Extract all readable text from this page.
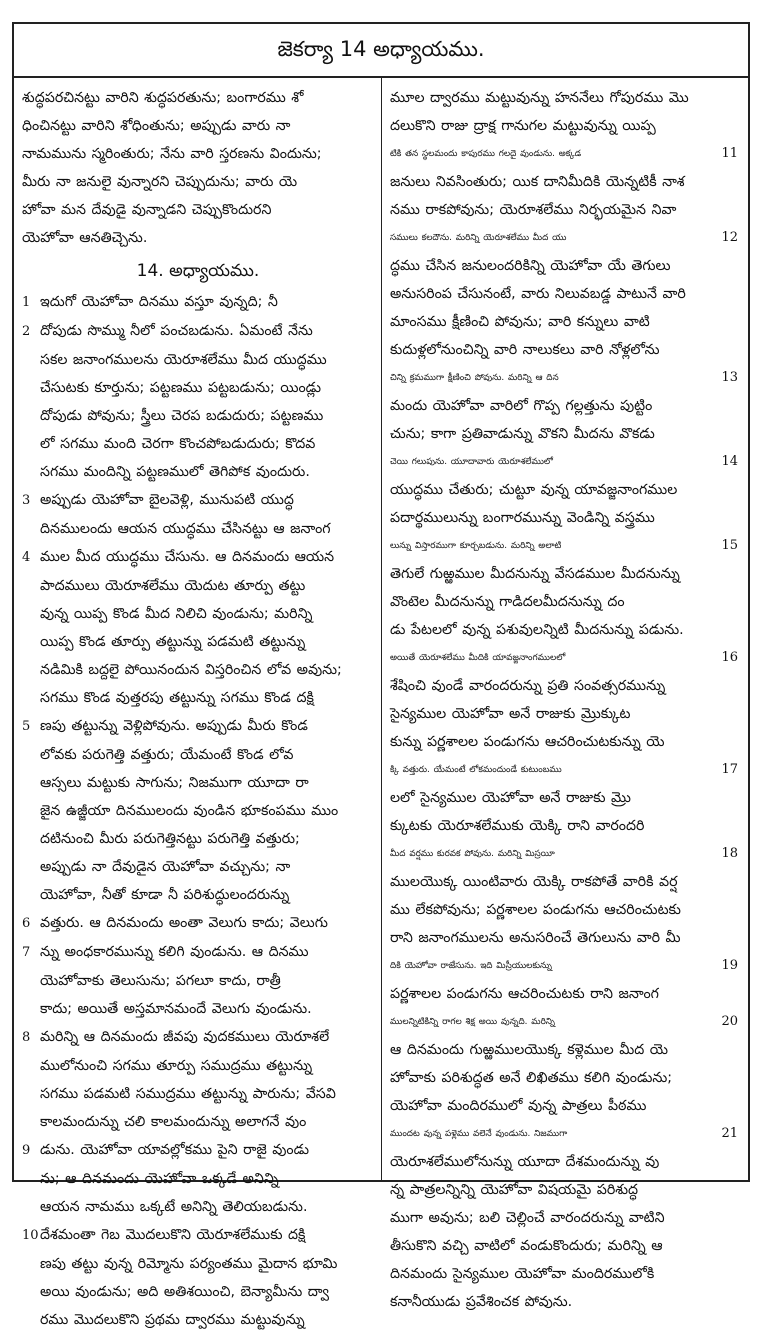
జెకర్యా 14 అధ్యాయము.

శుద్ధపరచినట్టు వారిని శుద్ధపరతును; బంగారము శో

ధించినట్టు వారిని శోధింతును; అప్పుడు వారు నా

నామమును స్మరింతురు; నేను వారి స్తరణను విందును;

మీరు నా జనులై వున్నారని చెప్పుదును; వారు యె

హోవా మన దేవుడై వున్నాడని చెప్పుకొందురని

యెహోవా ఆనతిచ్చెను.

14. అధ్యాయము.

1 ఇదుగో యెహోవా దినము వస్తూ వున్నది; నీ

2 దోపుడు సొమ్ము నీలో పంచబడును. ఏమంటే నేను

సకల జనాంగములను యెరూశలేము మీద యుద్ధము

చేసుటకు కూర్తును; పట్టణము పట్టబడును; యిండ్లు

దోపుడు పోవును; స్త్రీలు చెరప బడుదురు; పట్టణము

లో సగము మంది చెరగా కొంచపోబడుదురు; కొదవ

సగము మందిన్ని పట్టణములో తెగిపోక వుందురు.

3 అప్పుడు యెహోవా బైలవెళ్లి, మునుపటి యుద్ధ

దినములందు ఆయన యుద్ధము చేసినట్టు ఆ జనాంగ

4 ముల మీద యుద్ధము చేసును. ఆ దినమందు ఆయన

పాదములు యెరూశలేము యెదుట తూర్పు తట్టు

వున్న యిప్ప కొండ మీద నిలిచి వుండును; మరిన్ని

యిప్ప కొండ తూర్పు తట్టున్ను పడమటి తట్టున్ను

నడిమికి బద్దలై పోయినందున విస్తరించిన లోవ అవును;

సగము కొండ వుత్తరపు తట్టున్ను సగము కొండ దక్షి

5 ణపు తట్టున్ను వెళ్లిపోవును. అప్పుడు మీరు కొండ

లోవకు పరుగెత్తి వత్తురు; యేమంటే కొండ లోవ

ఆస్సలు మట్టుకు సాగును; నిజముగా యూదా రా

జైన ఉజ్జీయా దినములందు వుండిన భూకంపము ముం

దటినుంచి మీరు పరుగెత్తినట్టు పరుగెత్తి వత్తురు;

అప్పుడు నా దేవుడైన యెహోవా వచ్చును; నా

యెహోవా, నీతో కూడా నీ పరిశుద్ధులందరున్ను

6 వత్తురు. ఆ దినమందు అంతా వెలుగు కాదు; వెలుగు

7 న్ను అంధకారమున్ను కలిగి వుండును. ఆ దినము

యెహోవాకు తెలుసును; పగలూ కాదు, రాత్రీ

కాదు; అయితే అస్తమానమందే వెలుగు వుండును.

8 మరిన్ని ఆ దినమందు జీవపు వుదకములు యెరూశలే

ములోనుంచి సగము తూర్పు సముద్రము తట్టున్ను

సగము పడమటి సముద్రము తట్టున్ను పారును; వేసవి

కాలమందున్ను చలి కాలమందున్ను అలాగనే వుం

9 డును. యెహోవా యావల్లోకము పైని రాజై వుండు

ను; ఆ దినమందు యెహోవా ఒక్కడే అనిన్ని

ఆయన నామము ఒక్కటే అనిన్ని తెలియబడును.

10దేశమంతా గెబ మొదలుకొని యెరూశలేముకు దక్షి

ణపు తట్టు వున్న రిమ్మోను పర్యంతము మైదాన భూమి

అయి వుండును; అది అతిశయించి, బెన్యామీను ద్వా

రము మొదలుకొని ప్రథమ ద్వారము మట్టువున్ను

మూల ద్వారము మట్టువున్ను హననేలు గోపురము మొ

దలుకొని రాజు ద్రాక్ష గానుగల మట్టువున్ను యిప్ప

టికి తన స్థలమందు కాపురము గలదై వుండును. అక్కడ	11

జనులు నివసింతురు; యిక దానిమీదికి యెన్నటికీ నాశ

నము రాకపోవును; యెరూశలేము నిర్భయమైన నివా

సములు కలదౌను. మరిన్ని యెరూశలేము మీద యు	12

ద్ధము చేసిన జనులందరికిన్ని యెహోవా యే తెగులు

అనుసరింప చేసునంటే, వారు నిలువబడ్డ పాటునే వారి

మాంసము క్షీణించి పోవును; వారి కన్నులు వాటి

కుదుళ్లలోనుంచిన్ని వారి నాలుకలు వారి నోళ్లలోను

చిన్ని క్రమముగా క్షీణించి పోవును. మరిన్ని ఆ దిన	13

మందు యెహోవా వారిలో గొప్ప గల్లత్తును పుట్టిం

చును; కాగా ప్రతివాడున్ను వొకని మీదను వొకడు

చెయి గలుపును. యూదావారు యెరూశలేములో	14

యుద్ధము చేతురు; చుట్టూ వున్న యావజ్జనాంగముల

పదార్థములున్ను బంగారమున్ను వెండిన్ని వస్త్రము

లున్ను విస్తారముగా కూర్చబడును. మరిన్ని అలాటి	15

తెగులే గుఱ్ఱముల మీదనున్ను వేసడముల మీదనున్ను

వొంటెల మీదనున్ను గాడిదలమీదనున్ను దం

డు పేటలలో వున్న పశువులన్నిటి మీదనున్ను పడును.

అయితే యెరూశలేము మీదికి యావజ్జనాంగములలో	16

శేషించి వుండే వారందరున్ను ప్రతి సంవత్సరమున్ను

సైన్యముల యెహోవా అనే రాజుకు మ్రొక్కుట

కున్ను పర్ణశాలల పండుగను ఆచరించుటకున్ను యె

క్కి వత్తురు. యేమంటే లోకమందుండే కుటుంబము	17

లలో సైన్యముల యెహోవా అనే రాజుకు మ్రొ

క్కుటకు యెరూశలేముకు యెక్కి రాని వారందరి

మీద వర్షము కురవక పోవును. మరిన్ని మిస్రయీ	18

ములయొక్క యింటివారు యెక్కి రాకపోతే వారికి వర్ష

ము లేకపోవును; పర్ణశాలల పండుగను ఆచరించుటకు

రాని జనాంగములను అనుసరించే తెగులును వారి మీ

దికి యెహోవా రాజేసును. ఇది మిస్రీయులకున్ను	19

పర్ణశాలల పండుగను ఆచరించుటకు రాని జనాంగ

ములన్నిటికిన్ని రాగల శిక్ష అయి వున్నది. మరిన్ని	20

ఆ దినమందు గుఱ్ఱములయొక్క కళ్లెముల మీద యె

హోవాకు పరిశుద్ధత అనే లిఖితము కలిగి వుండును;

యెహోవా మందిరములో వున్న పాత్రలు పీఠము

ముందట వున్న పళ్లెము వలెనే వుండును. నిజముగా	21

యెరూశలేములోనున్ను యూదా దేశమందున్ను వు

న్న పాత్రలన్నిన్ని యెహోవా విషయమై పరిశుద్ధ

ముగా అవును; బలి చెల్లించే వారందరున్ను వాటిని

తీసుకొని వచ్చి వాటిలో వండుకొందురు; మరిన్ని ఆ

దినమందు సైన్యముల యెహోవా మందిరములోకి

కనానీయుడు ప్రవేశించక పోవును.
